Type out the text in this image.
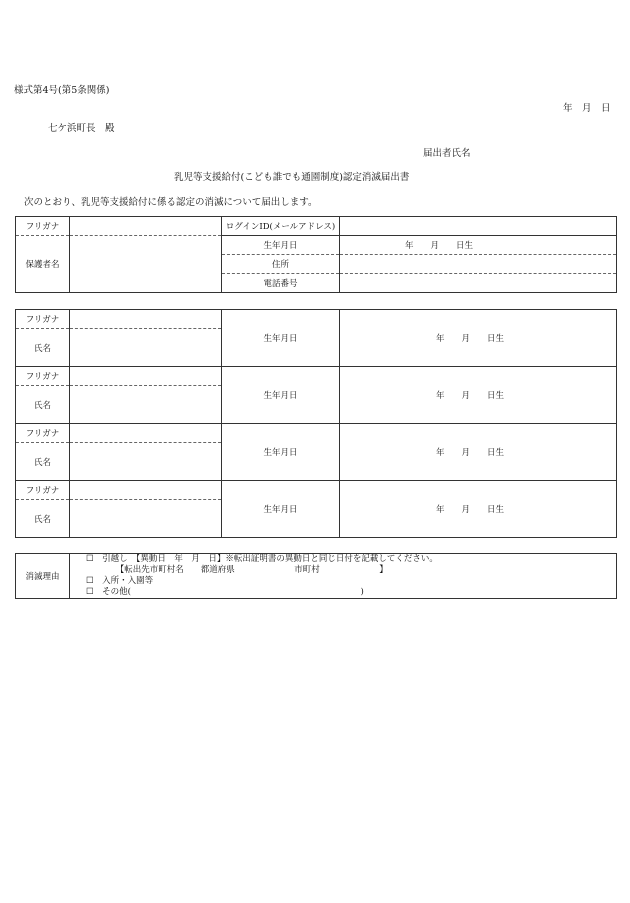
様式第4号(第5条関係)
年　月　日
七ケ浜町長　殿
届出者氏名
乳児等支援給付(こども誰でも通園制度)認定消滅届出書
次のとおり、乳児等支援給付に係る認定の消滅について届出します。
フリガナ		ログインID(メールアドレス)	
保護者名		生年月日	年　　月　　日生
		住所	
		電話番号	
フリガナ		生年月日	年　　月　　日生
氏名			
フリガナ		生年月日	年　　月　　日生
氏名			
フリガナ		生年月日	年　　月　　日生
氏名			
フリガナ		生年月日	年　　月　　日生
氏名			
消滅理由	
☐　引越し　【異動日　年　月　日】※転出証明書の異動日と同じ日付を記載してください。
　　　　【転出先市町村名　　都道府県　　　　　　　市町村　　　　　　　】
☐　入所・入園等
☐　その他(　　　　　　　　　　　　　　　　　　　　　　　　　　　)
